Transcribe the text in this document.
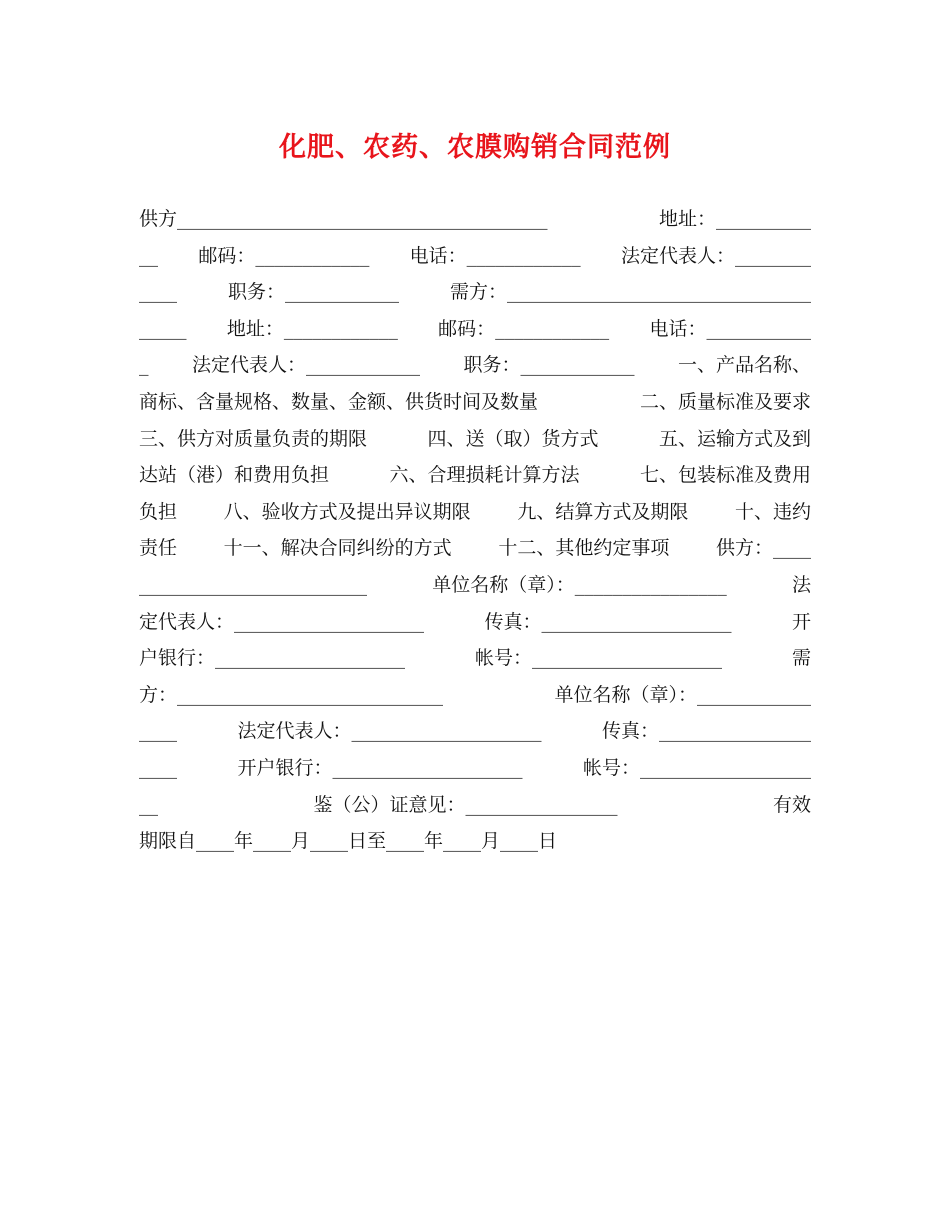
化肥、农药、农膜购销合同范例
供方_______________________________________	地址：__________
__ 邮码：____________ 电话：____________ 法定代表人：________
____	职务：____________	需方：________________________________
_____ 地址：____________ 邮码：____________ 电话：___________
_ 法定代表人：____________ 职务：____________ 一、产品名称、
商标、含量规格、数量、金额、供货时间及数量	二、质量标准及要求
三、供方对质量负责的期限	四、送（取）货方式	五、运输方式及到
达站（港）和费用负担	六、合理损耗计算方法	七、包装标准及费用
负担 八、验收方式及提出异议期限 九、结算方式及期限 十、违约
责任 十一、解决合同纠纷的方式 十二、其他约定事项 供方：____
________________________	单位名称（章）：________________	法
定代表人：____________________	传真：____________________	开
户银行：____________________	帐号：____________________	需
方：____________________________	单位名称（章）：____________
____	法定代表人：____________________	传真：________________
____	开户银行：____________________	帐号：__________________
__	鉴（公）证意见：________________	有效
期限自____年____月____日至____年____月____日
